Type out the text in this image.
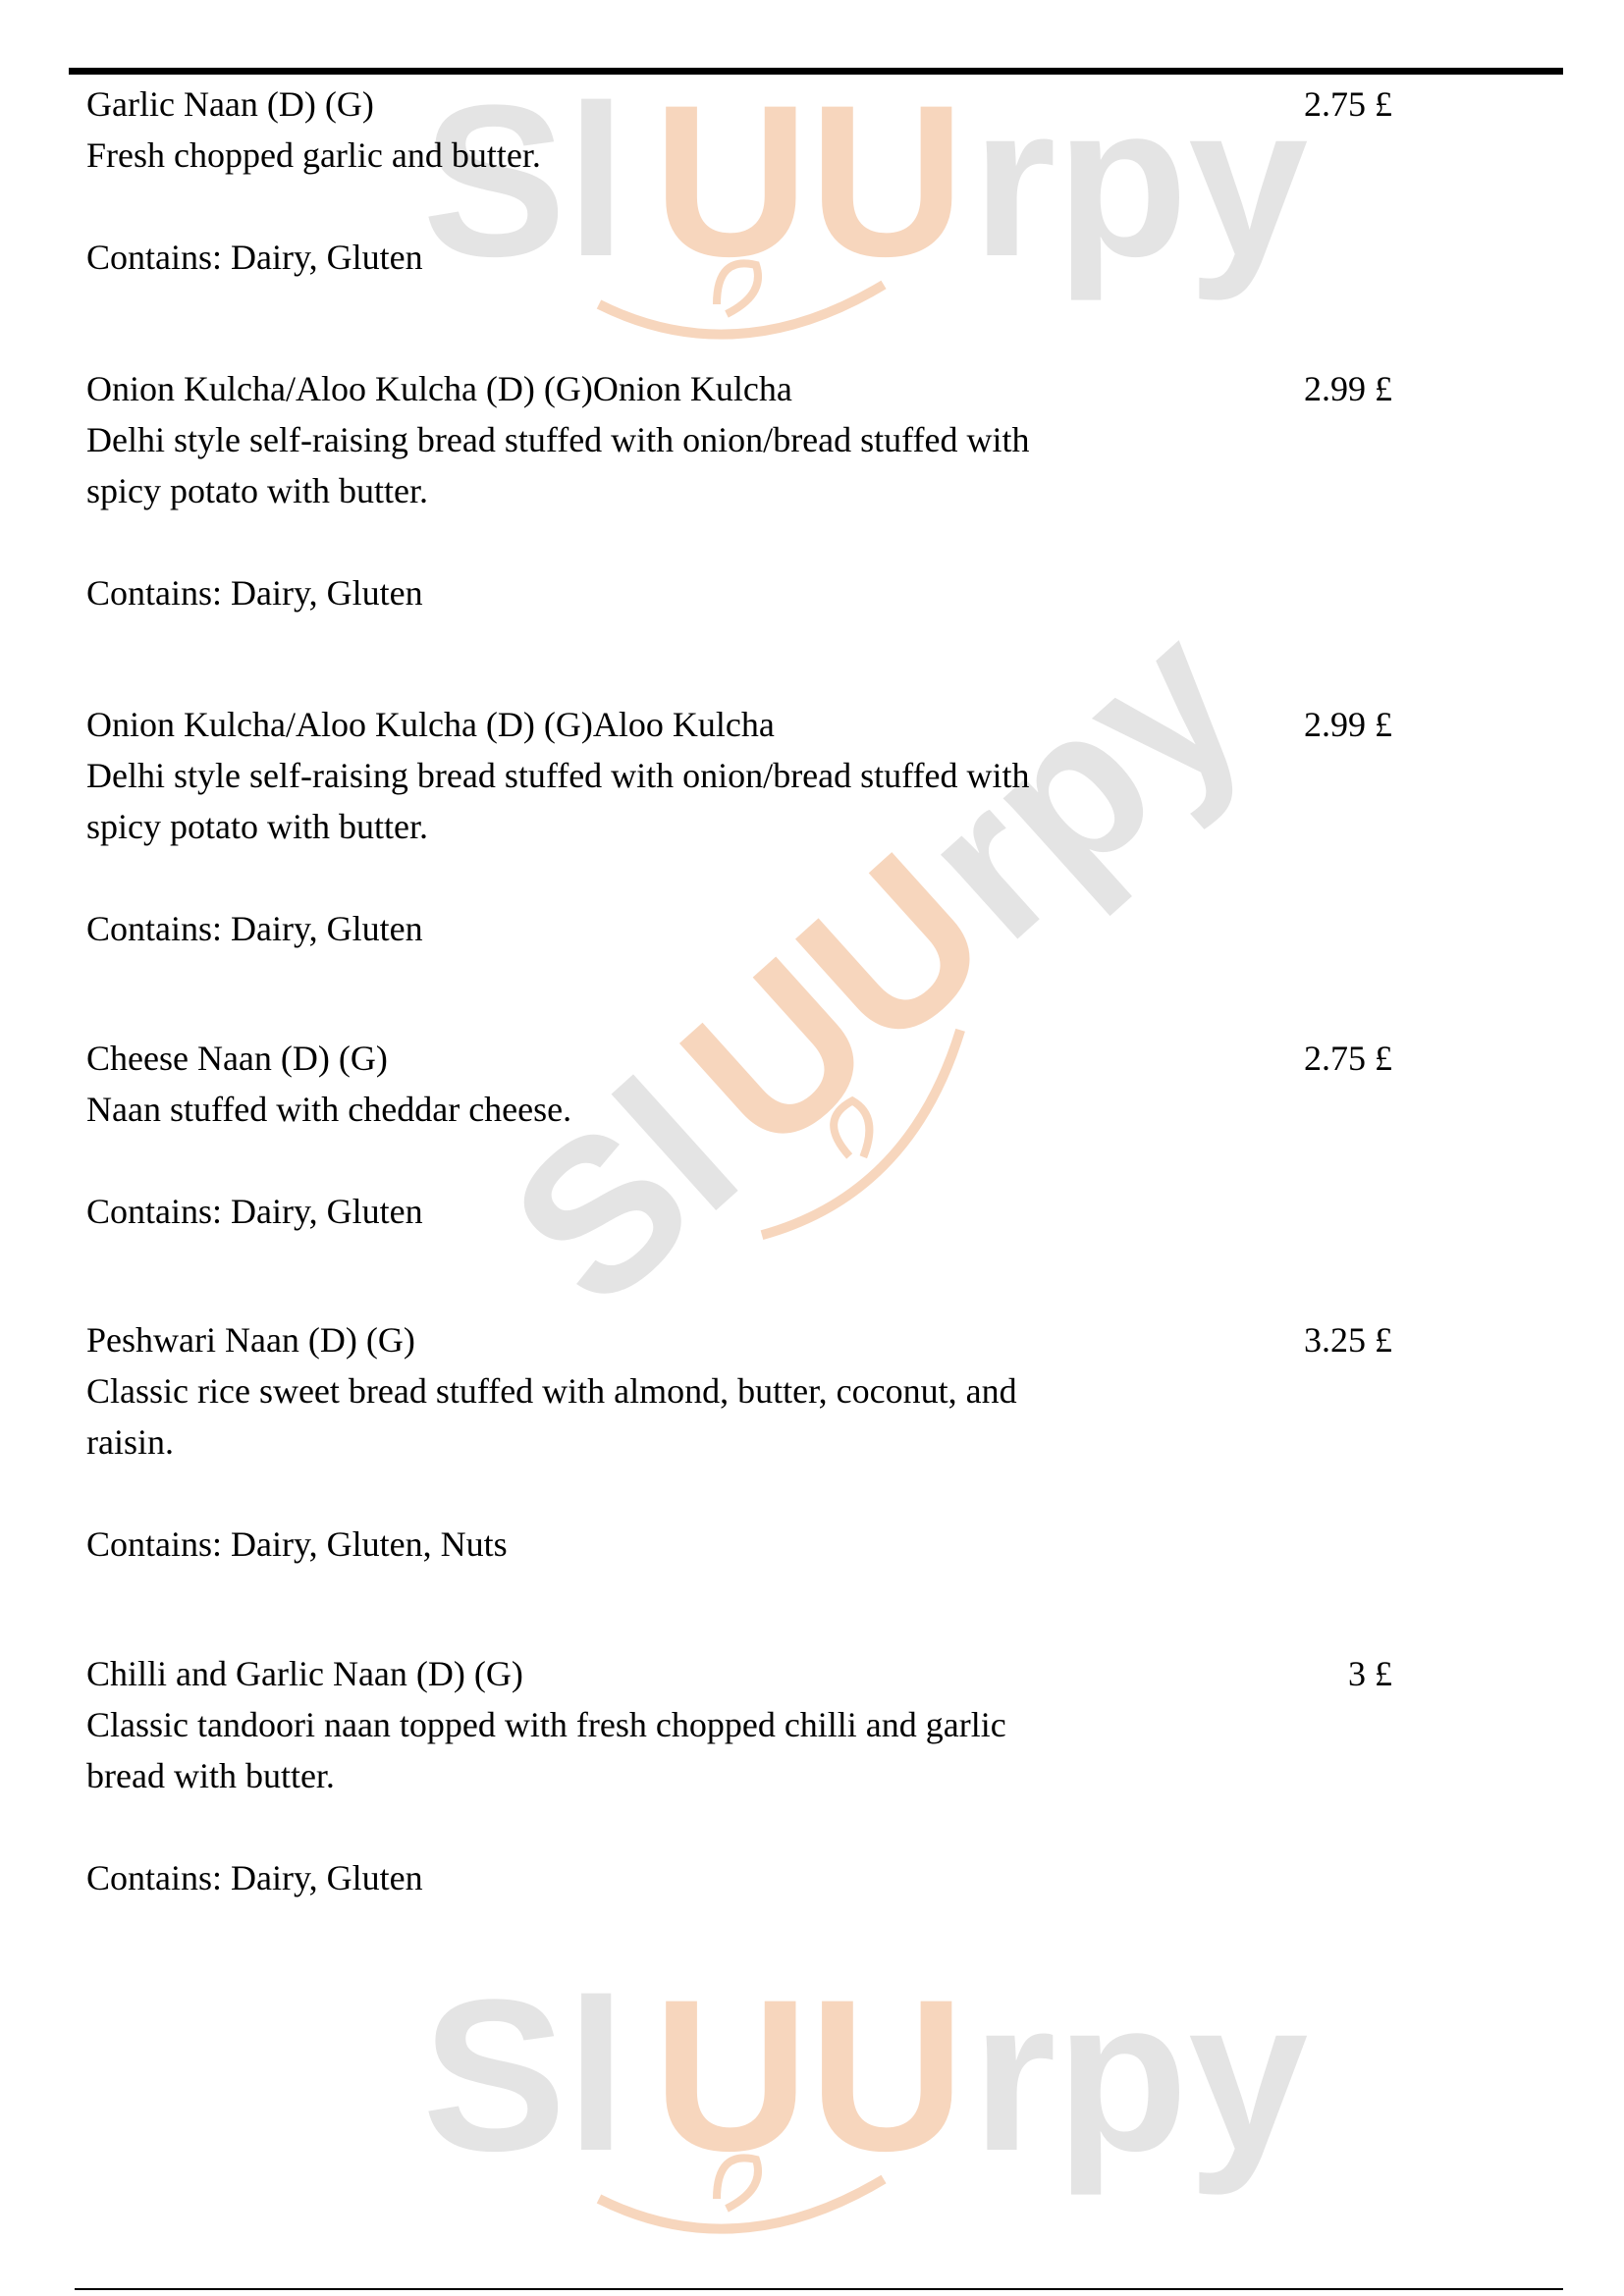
Sl UU rpy
Sl
UU
rpy
Sl UU rpy
Garlic Naan (D) (G)
Fresh chopped garlic and butter.
Contains: Dairy, Gluten
2.75 £
Onion Kulcha/Aloo Kulcha (D) (G)Onion Kulcha
Delhi style self-raising bread stuffed with onion/bread stuffed with
spicy potato with butter.
Contains: Dairy, Gluten
2.99 £
Onion Kulcha/Aloo Kulcha (D) (G)Aloo Kulcha
Delhi style self-raising bread stuffed with onion/bread stuffed with
spicy potato with butter.
Contains: Dairy, Gluten
2.99 £
Cheese Naan (D) (G)
Naan stuffed with cheddar cheese.
Contains: Dairy, Gluten
2.75 £
Peshwari Naan (D) (G)
Classic rice sweet bread stuffed with almond, butter, coconut, and
raisin.
Contains: Dairy, Gluten, Nuts
3.25 £
Chilli and Garlic Naan (D) (G)
Classic tandoori naan topped with fresh chopped chilli and garlic
bread with butter.
Contains: Dairy, Gluten
3 £
